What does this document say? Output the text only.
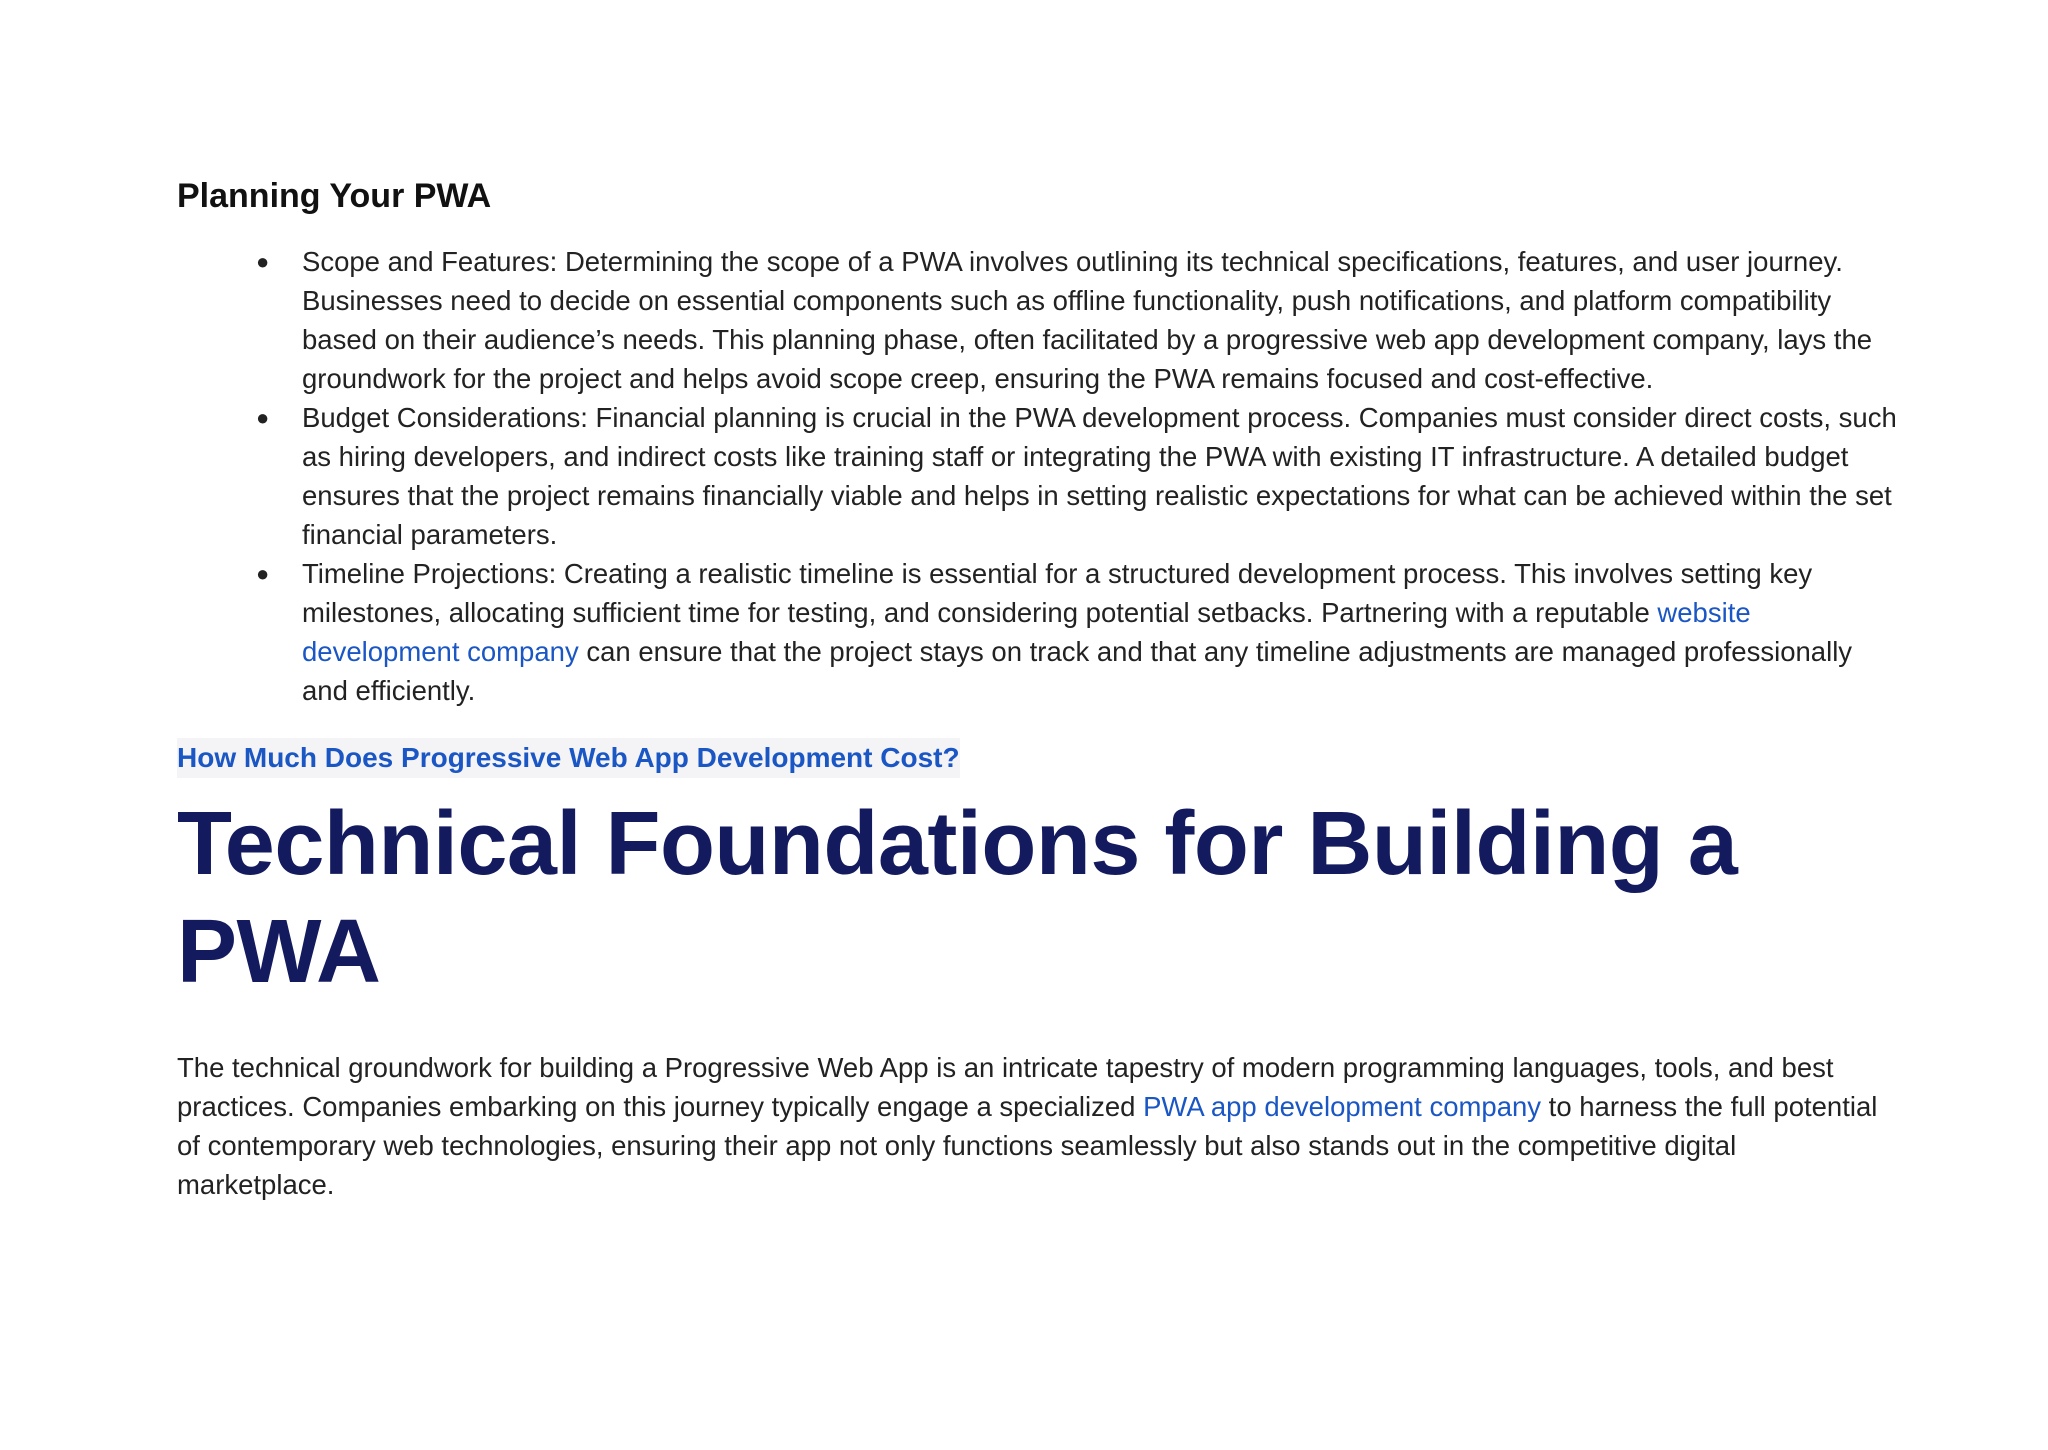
Planning Your PWA
● Scope and Features: Determining the scope of a PWA involves outlining its technical specifications, features, and user journey. Businesses need to decide on essential components such as offline functionality, push notifications, and platform compatibility based on their audience’s needs. This planning phase, often facilitated by a progressive web app development company, lays the groundwork for the project and helps avoid scope creep, ensuring the PWA remains focused and cost-effective.
● Budget Considerations: Financial planning is crucial in the PWA development process. Companies must consider direct costs, such as hiring developers, and indirect costs like training staff or integrating the PWA with existing IT infrastructure. A detailed budget ensures that the project remains financially viable and helps in setting realistic expectations for what can be achieved within the set financial parameters.
● Timeline Projections: Creating a realistic timeline is essential for a structured development process. This involves setting key milestones, allocating sufficient time for testing, and considering potential setbacks. Partnering with a reputable website development company can ensure that the project stays on track and that any timeline adjustments are managed professionally and efficiently.
How Much Does Progressive Web App Development Cost?
Technical Foundations for Building a PWA

The technical groundwork for building a Progressive Web App is an intricate tapestry of modern programming languages, tools, and best practices. Companies embarking on this journey typically engage a specialized PWA app development company to harness the full potential of contemporary web technologies, ensuring their app not only functions seamlessly but also stands out in the competitive digital marketplace.
